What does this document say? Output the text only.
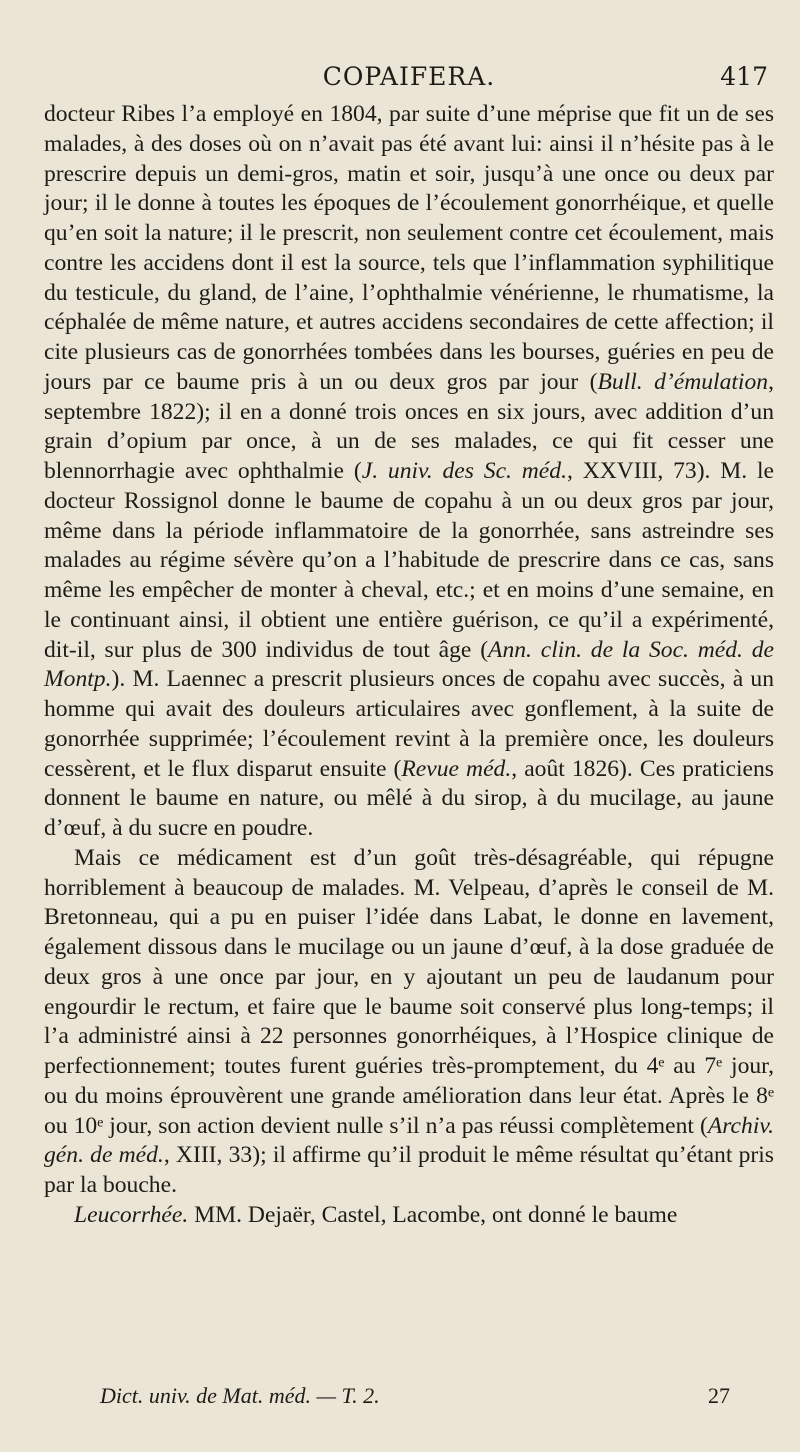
COPAIFERA.	417

docteur Ribes l’a employé en 1804, par suite d’une méprise que fit un de ses malades, à des doses où on n’avait pas été avant lui: ainsi il n’hésite pas à le prescrire depuis un demi-gros, matin et soir, jusqu’à une once ou deux par jour; il le donne à toutes les époques de l’écoulement gonorrhéique, et quelle qu’en soit la nature; il le prescrit, non seulement contre cet écoulement, mais contre les accidens dont il est la source, tels que l’inflammation syphilitique du testicule, du gland, de l’aine, l’ophthalmie vénérienne, le rhumatisme, la céphalée de même nature, et autres accidens secondaires de cette affection; il cite plusieurs cas de gonorrhées tombées dans les bourses, guéries en peu de jours par ce baume pris à un ou deux gros par jour (Bull. d’émulation, septembre 1822); il en a donné trois onces en six jours, avec addition d’un grain d’opium par once, à un de ses malades, ce qui fit cesser une blennorrhagie avec ophthalmie (J. univ. des Sc. méd., XXVIII, 73). M. le docteur Rossignol donne le baume de copahu à un ou deux gros par jour, même dans la période inflammatoire de la gonorrhée, sans astreindre ses malades au régime sévère qu’on a l’habitude de prescrire dans ce cas, sans même les empêcher de monter à cheval, etc.; et en moins d’une semaine, en le continuant ainsi, il obtient une entière guérison, ce qu’il a expérimenté, dit-il, sur plus de 300 individus de tout âge (Ann. clin. de la Soc. méd. de Montp.). M. Laennec a prescrit plusieurs onces de copahu avec succès, à un homme qui avait des douleurs articulaires avec gonflement, à la suite de gonorrhée supprimée; l’écoulement revint à la première once, les douleurs cessèrent, et le flux disparut ensuite (Revue méd., août 1826). Ces praticiens donnent le baume en nature, ou mêlé à du sirop, à du mucilage, au jaune d’œuf, à du sucre en poudre.

Mais ce médicament est d’un goût très-désagréable, qui répugne horriblement à beaucoup de malades. M. Velpeau, d’après le conseil de M. Bretonneau, qui a pu en puiser l’idée dans Labat, le donne en lavement, également dissous dans le mucilage ou un jaune d’œuf, à la dose graduée de deux gros à une once par jour, en y ajoutant un peu de laudanum pour engourdir le rectum, et faire que le baume soit conservé plus long-temps; il l’a administré ainsi à 22 personnes gonorrhéiques, à l’Hospice clinique de perfectionnement; toutes furent guéries très-promptement, du 4ᵉ au 7ᵉ jour, ou du moins éprouvèrent une grande amélioration dans leur état. Après le 8ᵉ ou 10ᵉ jour, son action devient nulle s’il n’a pas réussi complètement (Archiv. gén. de méd., XIII, 33); il affirme qu’il produit le même résultat qu’étant pris par la bouche.

Leucorrhée. MM. Dejaër, Castel, Lacombe, ont donné le baume

Dict. univ. de Mat. méd. — T. 2.	27
